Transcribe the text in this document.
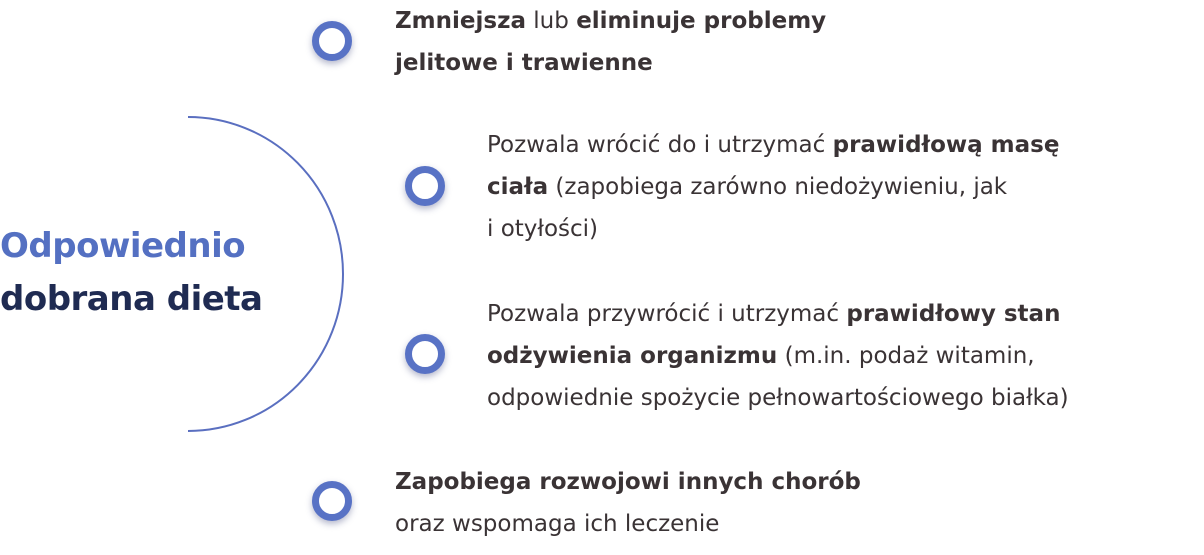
Odpowiednio
dobrana dieta
Zmniejsza lub eliminuje problemy
jelitowe i trawienne
Pozwala wrócić do i utrzymać prawidłową masę
ciała (zapobiega zarówno niedożywieniu, jak
i otyłości)
Pozwala przywrócić i utrzymać prawidłowy stan
odżywienia organizmu (m.in. podaż witamin,
odpowiednie spożycie pełnowartościowego białka)
Zapobiega rozwojowi innych chorób
oraz wspomaga ich leczenie
